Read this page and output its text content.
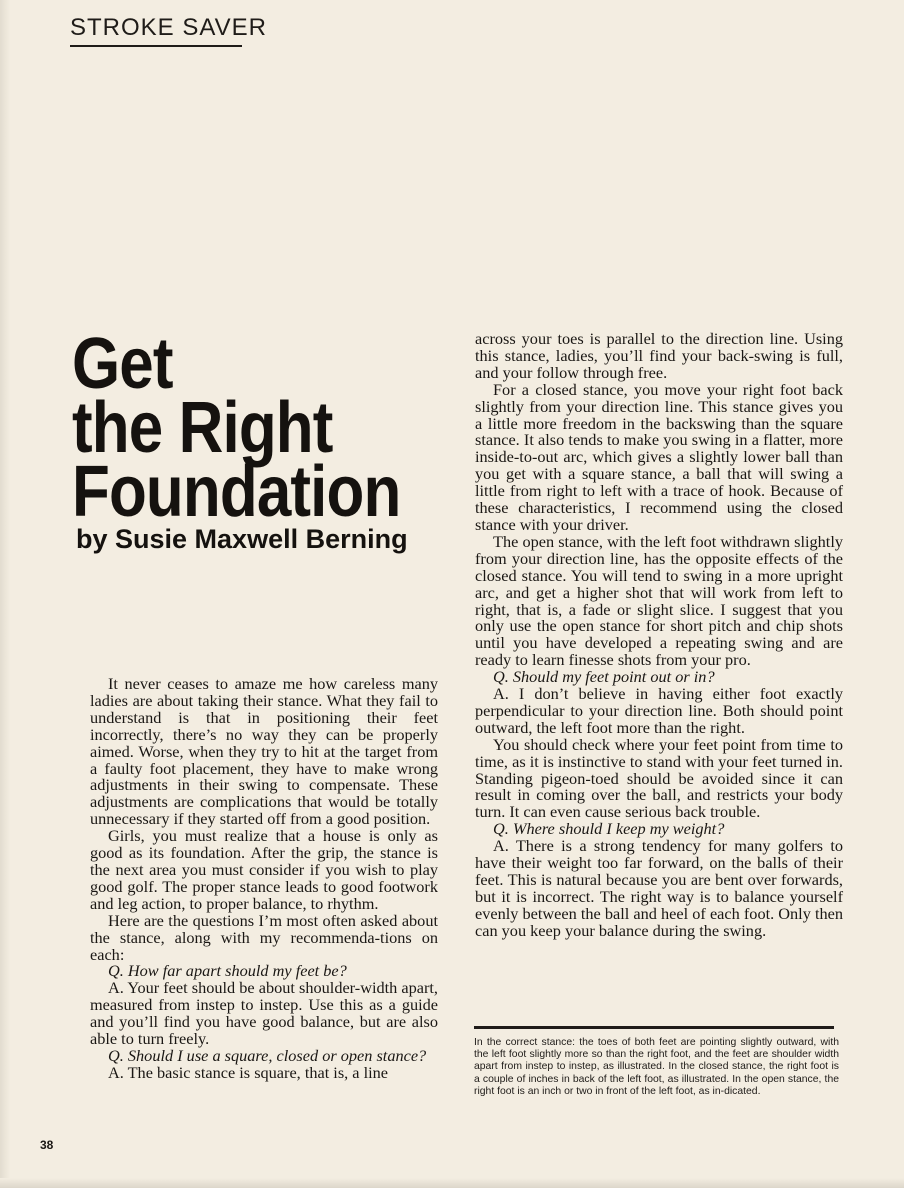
STROKE SAVER
Get
the Right
Foundation
by Susie Maxwell Berning

It never ceases to amaze me how careless many ladies are about taking their stance. What they fail to understand is that in positioning their feet incorrectly, there’s no way they can be properly aimed. Worse, when they try to hit at the target from a faulty foot placement, they have to make wrong adjustments in their swing to compensate. These adjustments are complications that would be totally unnecessary if they started off from a good position.

Girls, you must realize that a house is only as good as its foundation. After the grip, the stance is the next area you must consider if you wish to play good golf. The proper stance leads to good footwork and leg action, to proper balance, to rhythm.

Here are the questions I’m most often asked about the stance, along with my recommenda-tions on each:

Q. How far apart should my feet be?

A. Your feet should be about shoulder-width apart, measured from instep to instep. Use this as a guide and you’ll find you have good balance, but are also able to turn freely.

Q. Should I use a square, closed or open stance?

A. The basic stance is square, that is, a line

across your toes is parallel to the direction line. Using this stance, ladies, you’ll find your back-swing is full, and your follow through free.

For a closed stance, you move your right foot back slightly from your direction line. This stance gives you a little more freedom in the backswing than the square stance. It also tends to make you swing in a flatter, more inside-to-out arc, which gives a slightly lower ball than you get with a square stance, a ball that will swing a little from right to left with a trace of hook. Because of these characteristics, I recommend using the closed stance with your driver.

The open stance, with the left foot withdrawn slightly from your direction line, has the opposite effects of the closed stance. You will tend to swing in a more upright arc, and get a higher shot that will work from left to right, that is, a fade or slight slice. I suggest that you only use the open stance for short pitch and chip shots until you have developed a repeating swing and are ready to learn finesse shots from your pro.

Q. Should my feet point out or in?

A. I don’t believe in having either foot exactly perpendicular to your direction line. Both should point outward, the left foot more than the right.

You should check where your feet point from time to time, as it is instinctive to stand with your feet turned in. Standing pigeon-toed should be avoided since it can result in coming over the ball, and restricts your body turn. It can even cause serious back trouble.

Q. Where should I keep my weight?

A. There is a strong tendency for many golfers to have their weight too far forward, on the balls of their feet. This is natural because you are bent over forwards, but it is incorrect. The right way is to balance yourself evenly between the ball and heel of each foot. Only then can you keep your balance during the swing.

In the correct stance: the toes of both feet are pointing slightly outward, with the left foot slightly more so than the right foot, and the feet are shoulder width apart from instep to instep, as illustrated. In the closed stance, the right foot is a couple of inches in back of the left foot, as illustrated. In the open stance, the right foot is an inch or two in front of the left foot, as in-dicated.
38
